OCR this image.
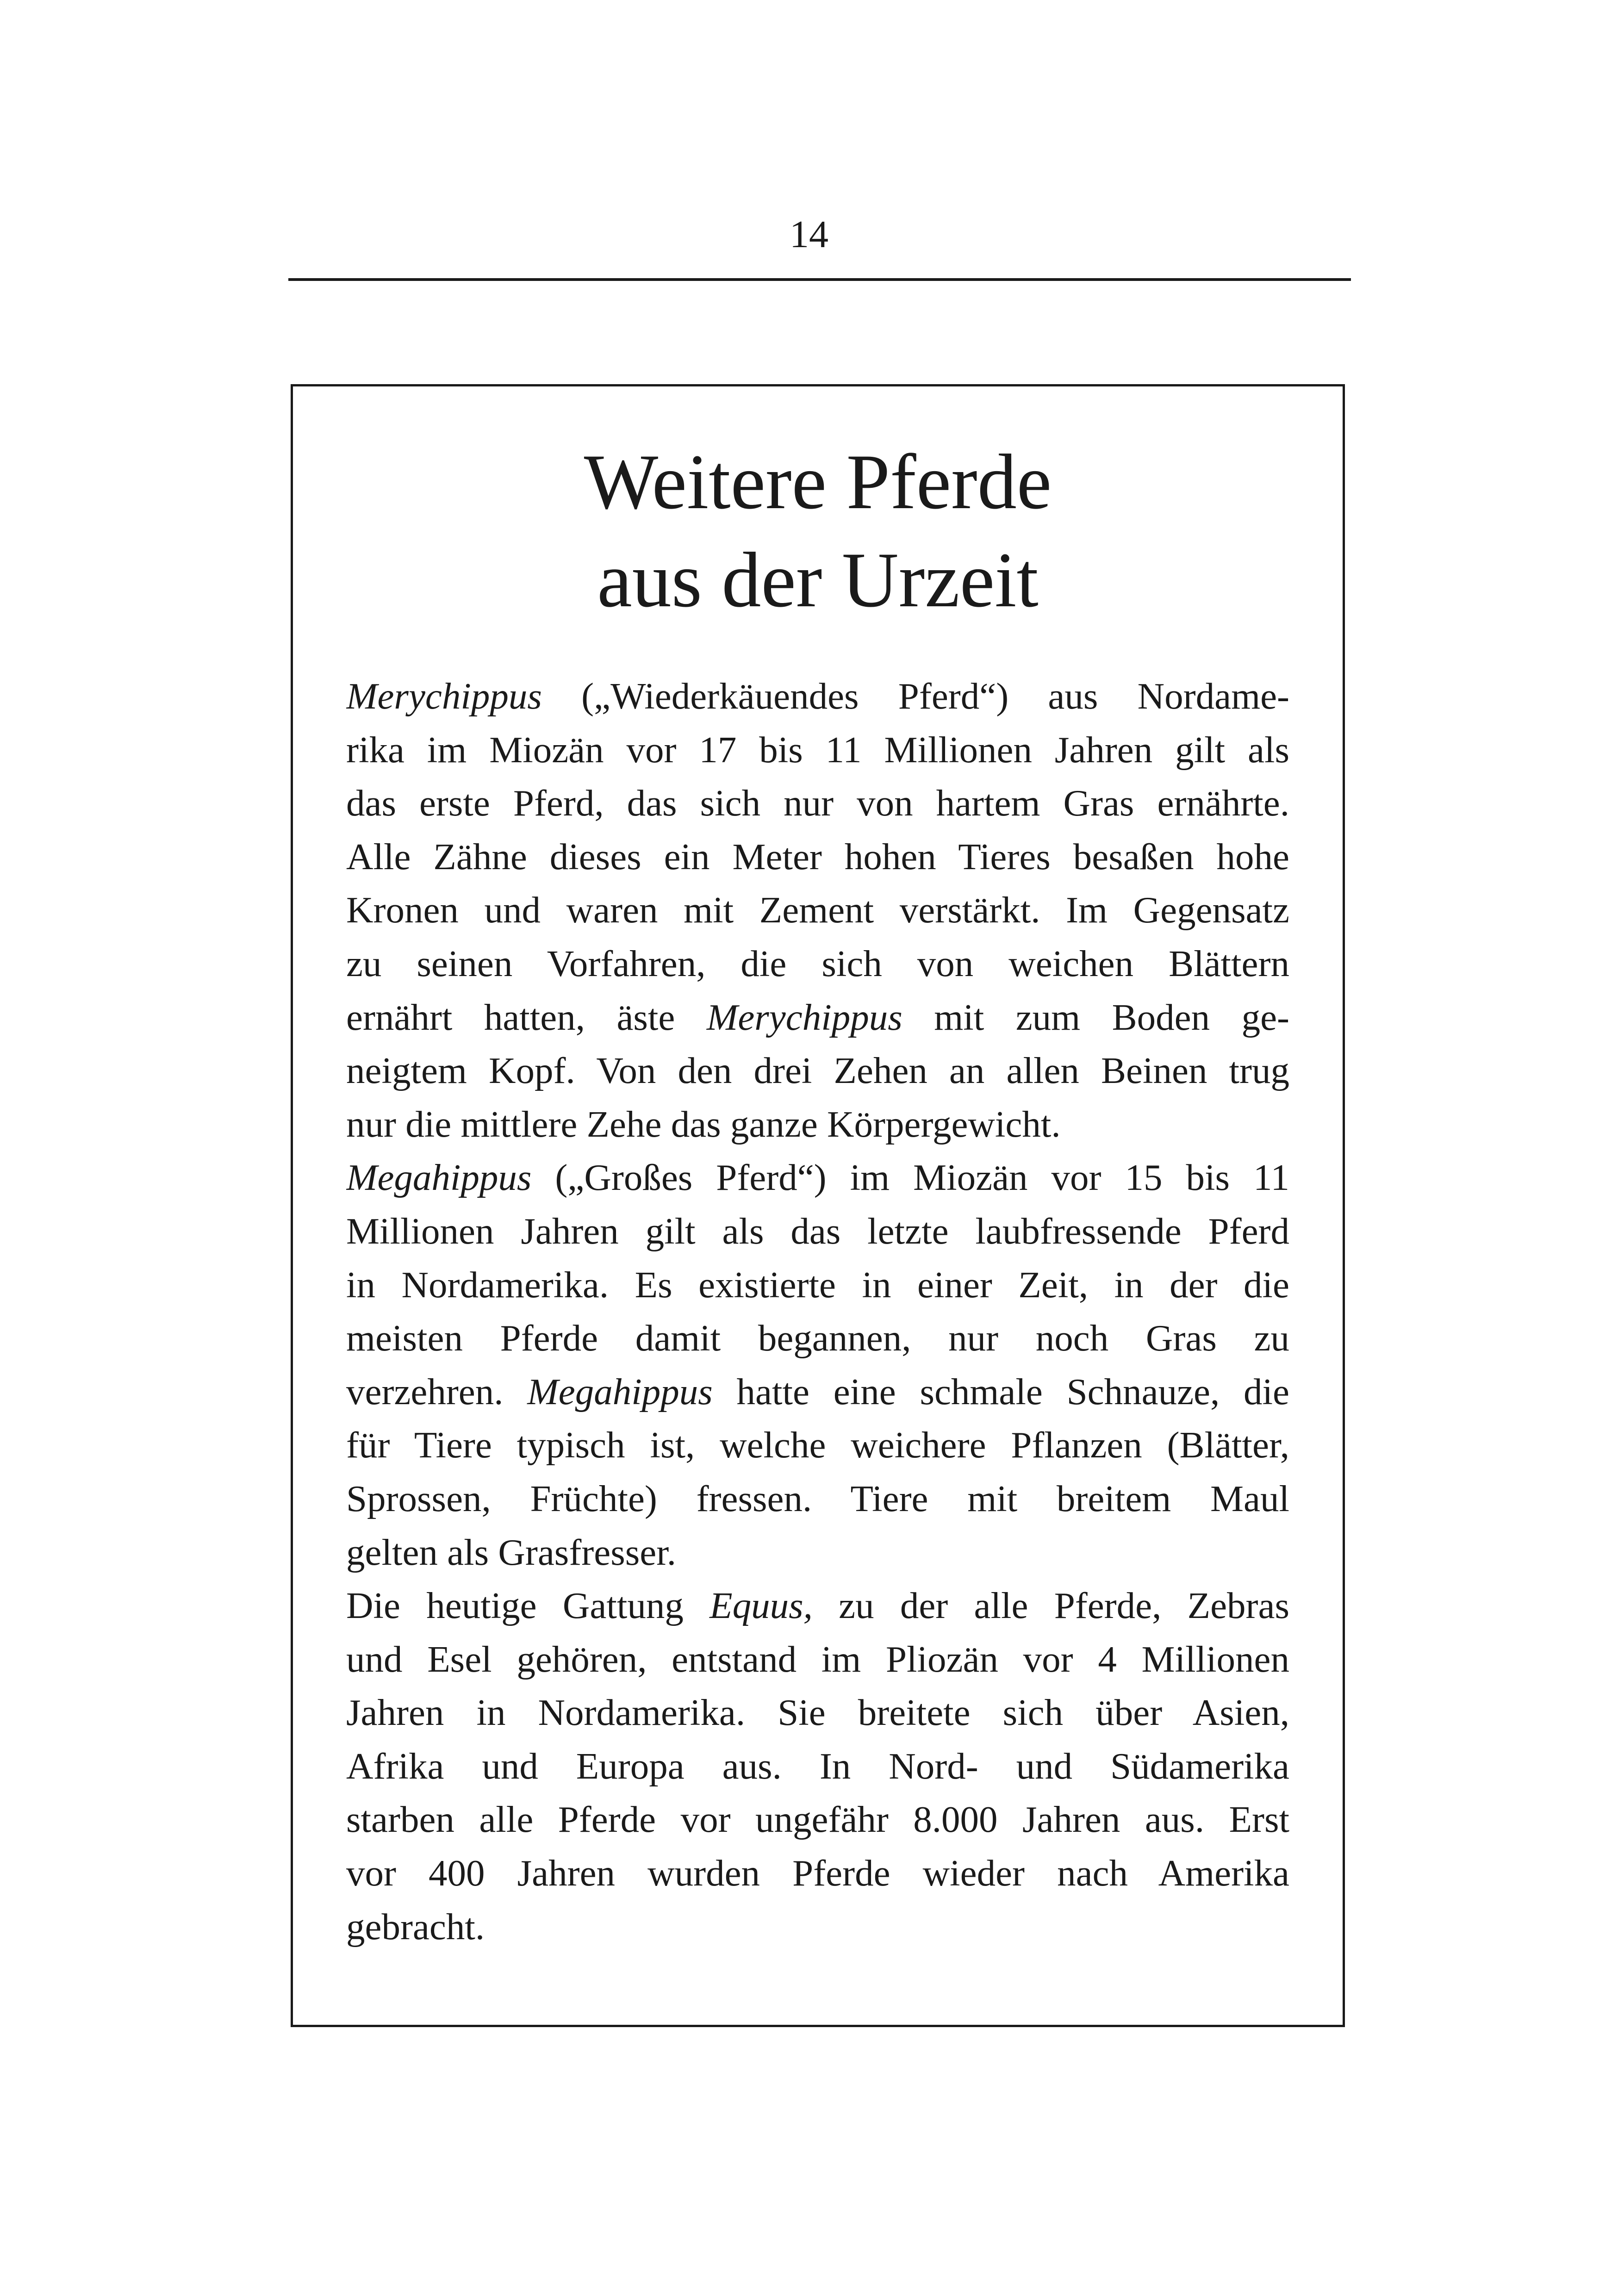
14
Weitere Pferde
aus der Urzeit
Merychippus („Wiederkäuendes Pferd“) aus Nordame-
rika im Miozän vor 17 bis 11 Millionen Jahren gilt als
das erste Pferd, das sich nur von hartem Gras ernährte.
Alle Zähne dieses ein Meter hohen Tieres besaßen hohe
Kronen und waren mit Zement verstärkt. Im Gegensatz
zu seinen Vorfahren, die sich von weichen Blättern
ernährt hatten, äste Merychippus mit zum Boden ge-
neigtem Kopf. Von den drei Zehen an allen Beinen trug
nur die mittlere Zehe das ganze Körpergewicht.
Megahippus („Großes Pferd“) im Miozän vor 15 bis 11
Millionen Jahren gilt als das letzte laubfressende Pferd
in Nordamerika. Es existierte in einer Zeit, in der die
meisten Pferde damit begannen, nur noch Gras zu
verzehren. Megahippus hatte eine schmale Schnauze, die
für Tiere typisch ist, welche weichere Pflanzen (Blätter,
Sprossen, Früchte) fressen. Tiere mit breitem Maul
gelten als Grasfresser.
Die heutige Gattung Equus, zu der alle Pferde, Zebras
und Esel gehören, entstand im Pliozän vor 4 Millionen
Jahren in Nordamerika. Sie breitete sich über Asien,
Afrika und Europa aus. In Nord- und Südamerika
starben alle Pferde vor ungefähr 8.000 Jahren aus. Erst
vor 400 Jahren wurden Pferde wieder nach Amerika
gebracht.
